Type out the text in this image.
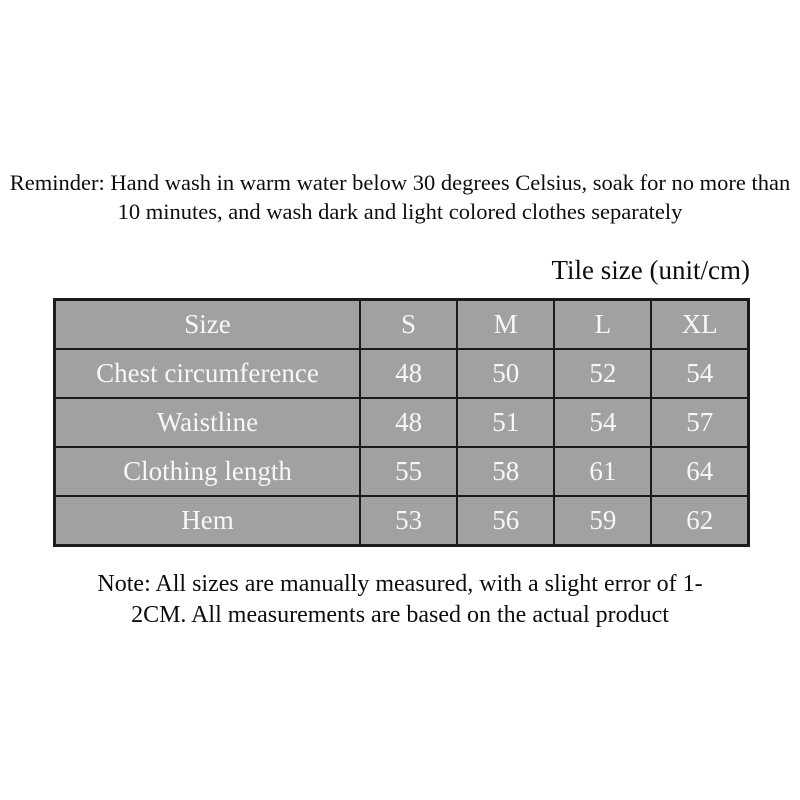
Reminder: Hand wash in warm water below 30 degrees Celsius, soak for no more than 10 minutes, and wash dark and light colored clothes separately

Tile size (unit/cm)
Size	S	M	L	XL
Chest circumference	48	50	52	54
Waistline	48	51	54	57
Clothing length	55	58	61	64
Hem	53	56	59	62

Note: All sizes are manually measured, with a slight error of 1-2CM. All measurements are based on the actual product
